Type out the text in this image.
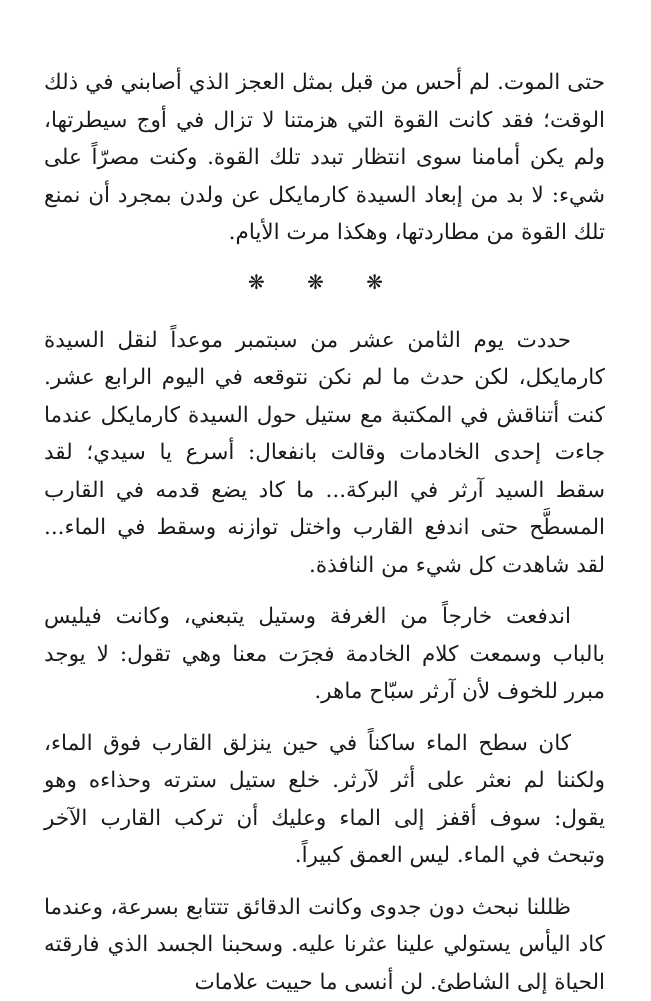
حتى الموت. لم أحس من قبل بمثل العجز الذي أصابني في ذلك الوقت؛ فقد كانت القوة التي هزمتنا لا تزال في أوج سيطرتها، ولم يكن أمامنا سوى انتظار تبدد تلك القوة. وكنت مصرّاً على شيء: لا بد من إبعاد السيدة كارمايكل عن ولدن بمجرد أن نمنع تلك القوة من مطاردتها، وهكذا مرت الأيام.

❋ ❋ ❋

حددت يوم الثامن عشر من سبتمبر موعداً لنقل السيدة كارمايكل، لكن حدث ما لم نكن نتوقعه في اليوم الرابع عشر. كنت أتناقش في المكتبة مع ستيل حول السيدة كارمايكل عندما جاءت إحدى الخادمات وقالت بانفعال: أسرع يا سيدي؛ لقد سقط السيد آرثر في البركة... ما كاد يضع قدمه في القارب المسطَّح حتى اندفع القارب واختل توازنه وسقط في الماء... لقد شاهدت كل شيء من النافذة.

اندفعت خارجاً من الغرفة وستيل يتبعني، وكانت فيليس بالباب وسمعت كلام الخادمة فجرَت معنا وهي تقول: لا يوجد مبرر للخوف لأن آرثر سبّاح ماهر.

كان سطح الماء ساكناً في حين ينزلق القارب فوق الماء، ولكننا لم نعثر على أثر لآرثر. خلع ستيل سترته وحذاءه وهو يقول: سوف أقفز إلى الماء وعليك أن تركب القارب الآخر وتبحث في الماء. ليس العمق كبيراً.

ظللنا نبحث دون جدوى وكانت الدقائق تتتابع بسرعة، وعندما كاد اليأس يستولي علينا عثرنا عليه. وسحبنا الجسد الذي فارقته الحياة إلى الشاطئ. لن أنسى ما حييت علامات
